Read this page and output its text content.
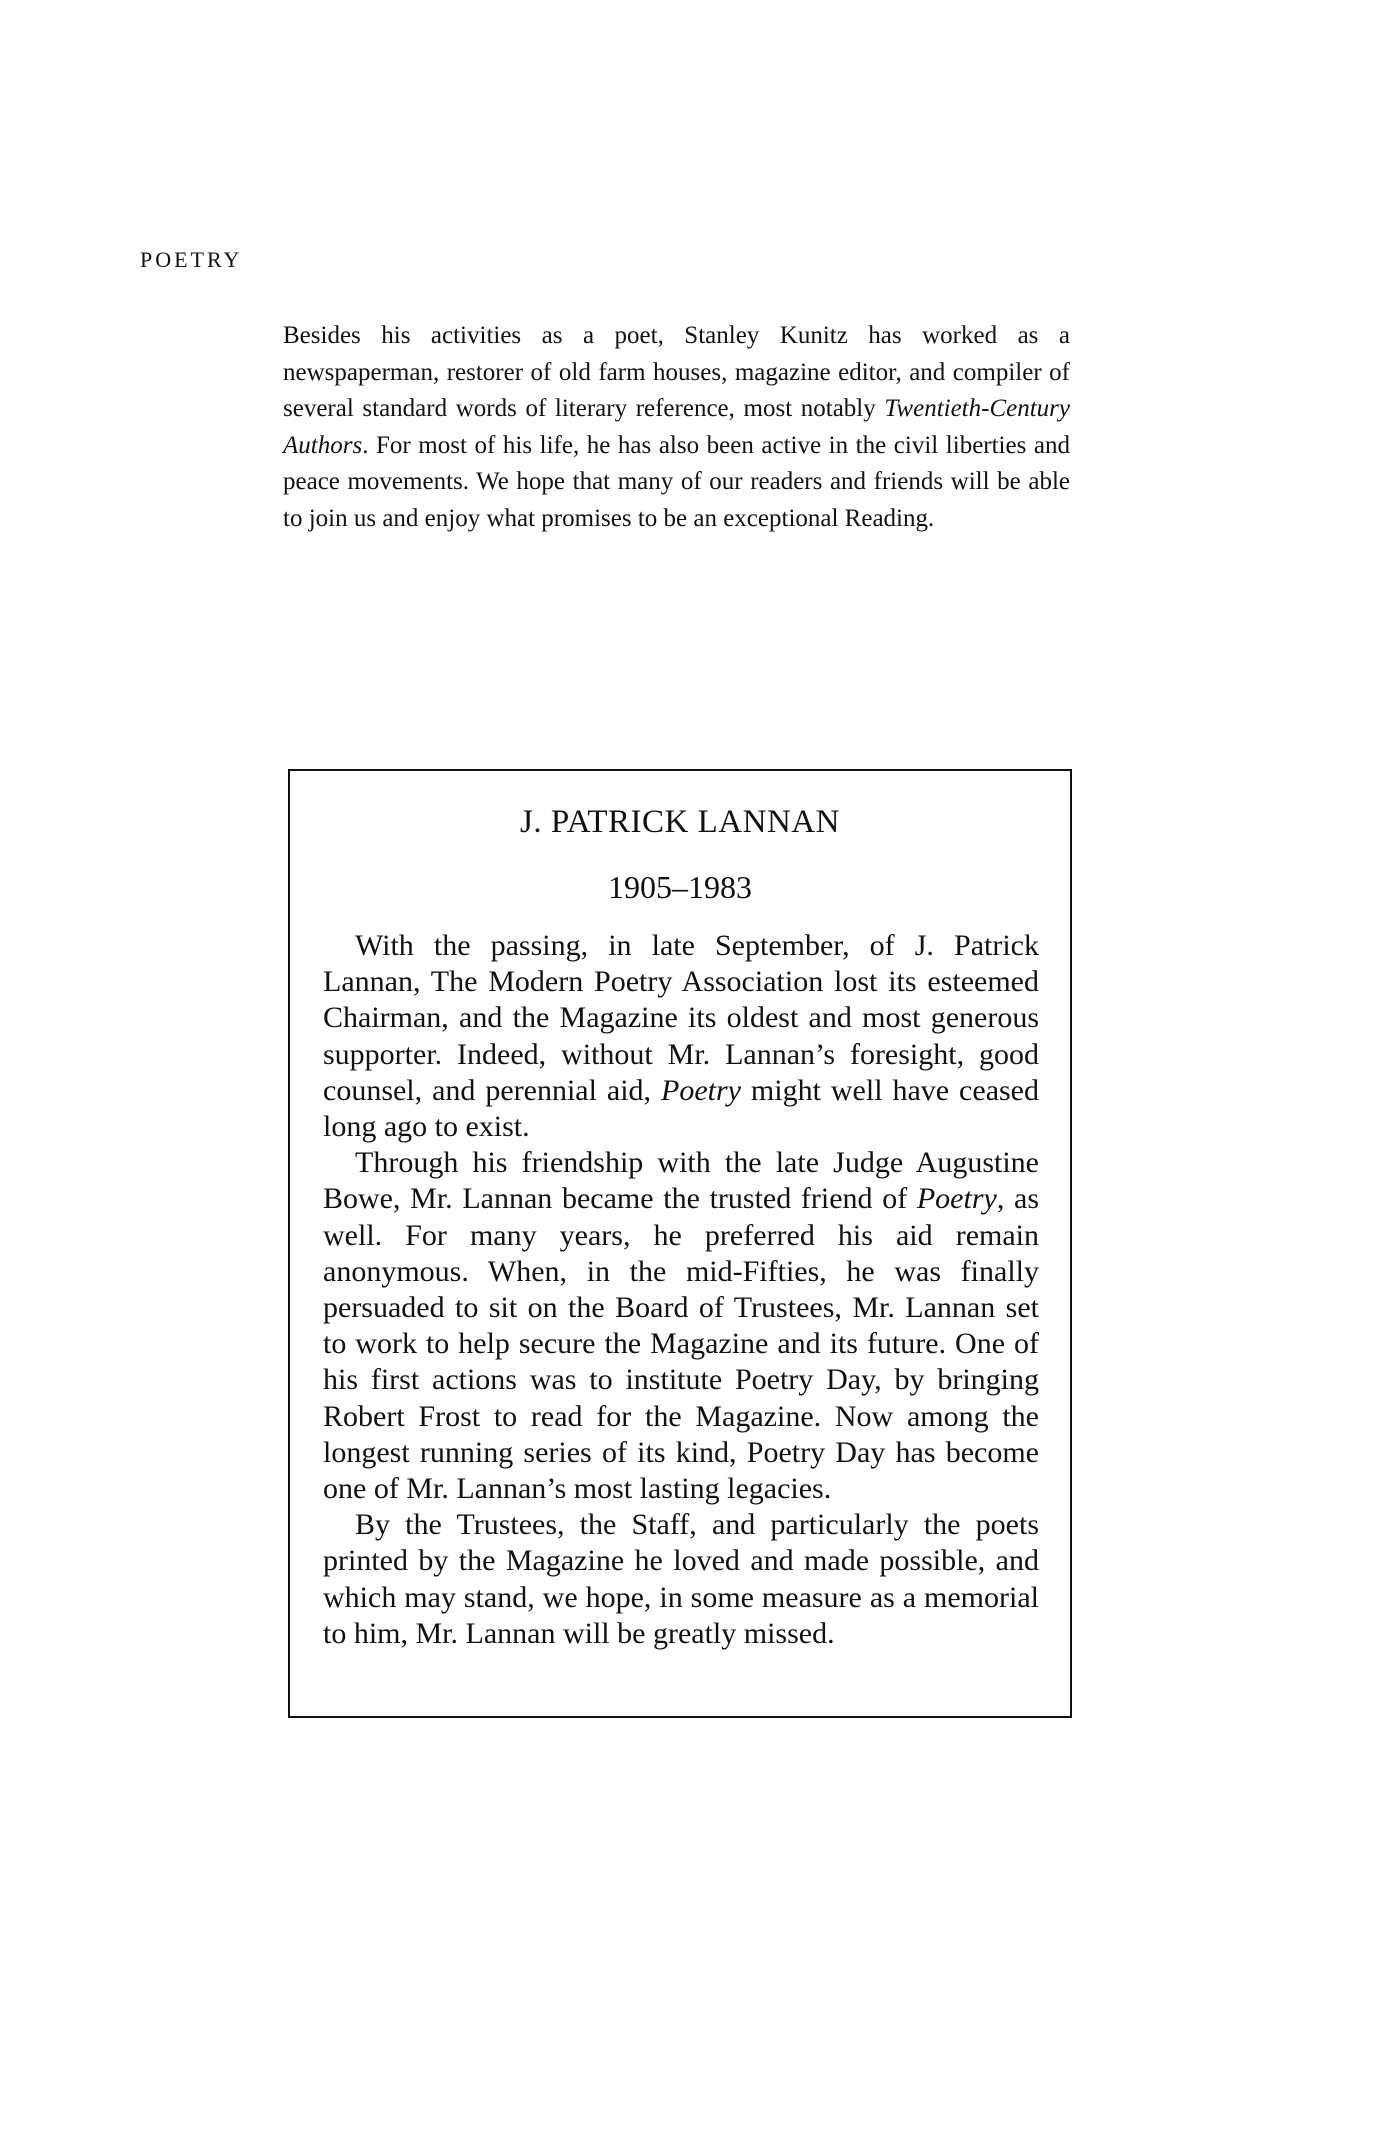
POETRY

Besides his activities as a poet, Stanley Kunitz has worked as a newspaperman, restorer of old farm houses, magazine editor, and compiler of several standard words of literary reference, most notably Twentieth-Century Authors. For most of his life, he has also been active in the civil liberties and peace movements. We hope that many of our readers and friends will be able to join us and enjoy what promises to be an exceptional Reading.

J. PATRICK LANNAN

1905–1983

With the passing, in late September, of J. Patrick Lannan, The Modern Poetry Association lost its esteemed Chairman, and the Magazine its oldest and most generous supporter. Indeed, without Mr. Lannan’s foresight, good counsel, and perennial aid, Poetry might well have ceased long ago to exist.

Through his friendship with the late Judge Augustine Bowe, Mr. Lannan became the trusted friend of Poetry, as well. For many years, he preferred his aid remain anonymous. When, in the mid-Fifties, he was finally persuaded to sit on the Board of Trustees, Mr. Lannan set to work to help secure the Magazine and its future. One of his first actions was to institute Poetry Day, by bringing Robert Frost to read for the Magazine. Now among the longest running series of its kind, Poetry Day has become one of Mr. Lannan’s most lasting legacies.

By the Trustees, the Staff, and particularly the poets printed by the Magazine he loved and made possible, and which may stand, we hope, in some measure as a memorial to him, Mr. Lannan will be greatly missed.
